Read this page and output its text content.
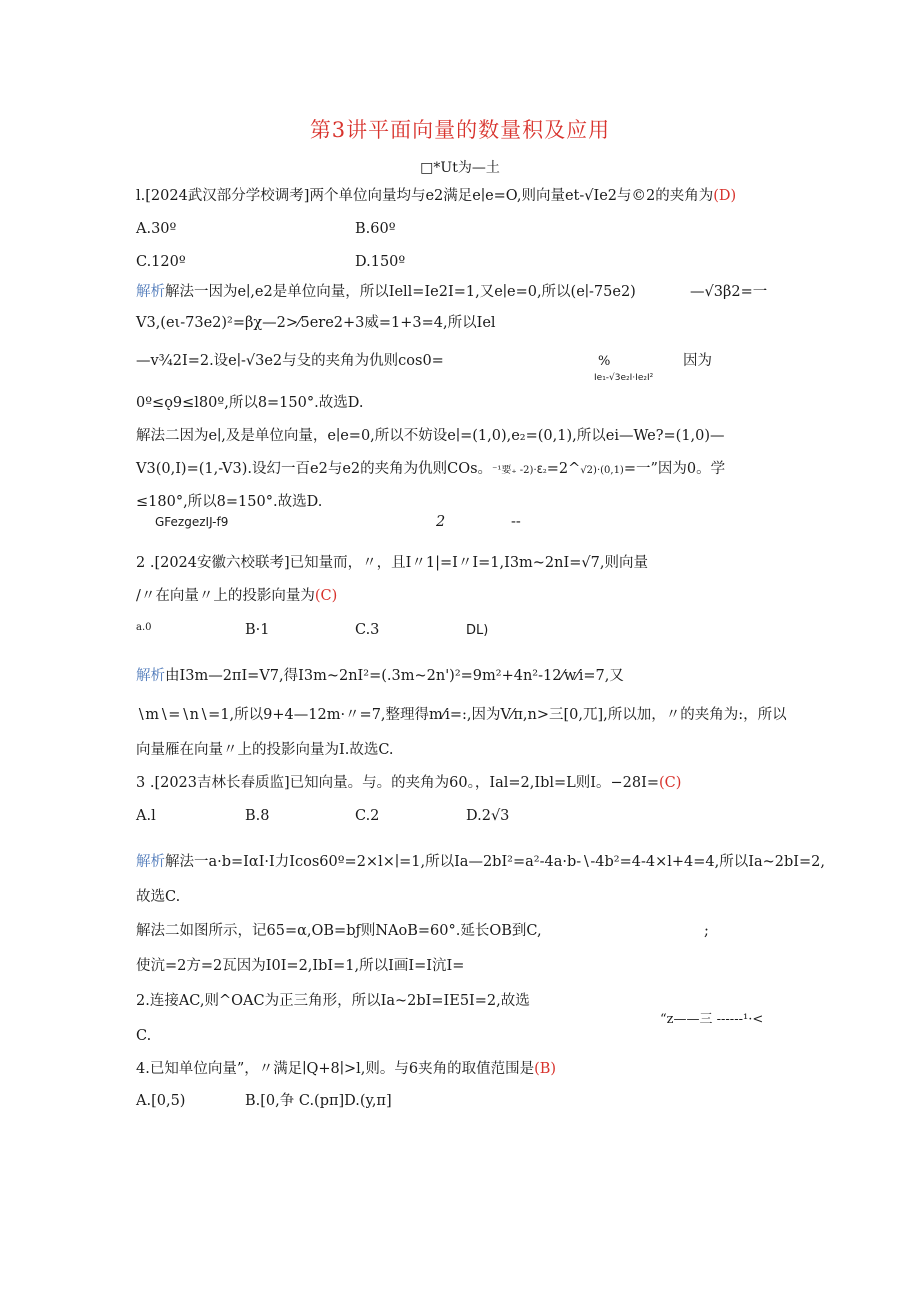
第3讲平面向量的数量积及应用
□*Ut为—土
l.[2024武汉部分学校调考]两个单位向量均与e2满足e∣e=O,则向量et-√Ie2与©2的夹角为(D)
A.30º	B.60º
C.120º	D.150º
解析解法一因为e∣,e2是单位向量，所以Iell=Ie2I=1,又e∣e=0,所以(e∣-75e2)	—√3β2=一
V3,(eι-73e2)²=βχ—2>⁄5ere2+3威=1+3=4,所以Iel
—v¾2I=2.设e∣-√3e2与殳的夹角为仇则cos0=	%
Ie₁-√3e₂I·Ie₂I²
因为
0º≤ǫ9≤l80º,所以8=150°.故选D.
解法二因为e∣,及是单位向量，e∣e=0,所以不妨设e∣=(1,0),e₂=(0,1),所以ei—We?=(1,0)—
V3(0,I)=(1,-V3).设幻一百e2与e2的夹角为仇则COs。⁻¹要₊ -2)·ℇ₂=2^√2)·(0,1)=一”因为0。学
≤180°,所以8=150°.故选D.
GFezgezIJ-f9	2	--
2 .[2024安徽六校联考]已知量而，〃，且I〃1|=I〃I=1,I3m~2nI=√7,则向量
/〃在向量〃上的投影向量为(C)
a.0	B·1	C.3	DL)
解析由I3m—2πI=V7,得I3m~2nI²=(.3m~2n')²=9m²+4n²-12⁄w⁄i=7,又
∖m∖=∖n∖=1,所以9+4—12m·〃=7,整理得m⁄i=:,因为V⁄π,n>三[0,兀],所以加，〃的夹角为:，所以
向量雁在向量〃上的投影向量为I.故选C.
3 .[2023吉林长春质监]已知向量。与。的夹角为60。，Ial=2,Ibl=L则I。−28I=(C)
A.l	B.8	C.2	D.2√3
解析解法一a·b=IαI·I力Icos60º=2×l×∣=1,所以Ia—2bI²=a²-4a·b-∖-4b²=4-4×l+4=4,所以Ia~2bI=2,
故选C.
解法二如图所示，记65=α,OB=bƒ则NAoB=60°.延长OB到C,	;
使沆=2方=2瓦因为I0I=2,IbI=1,所以I画I=I沆I=
2.连接AC,则^OAC为正三角形，所以Ia~2bI=IE5I=2,故选
“z——三 ------¹·<
C.
4.已知单位向量”，〃满足∣Q+8∣>l,则。与6夹角的取值范围是(B)
A.[0,5)	B.[0,争 C.(pπ]D.(y,π]
